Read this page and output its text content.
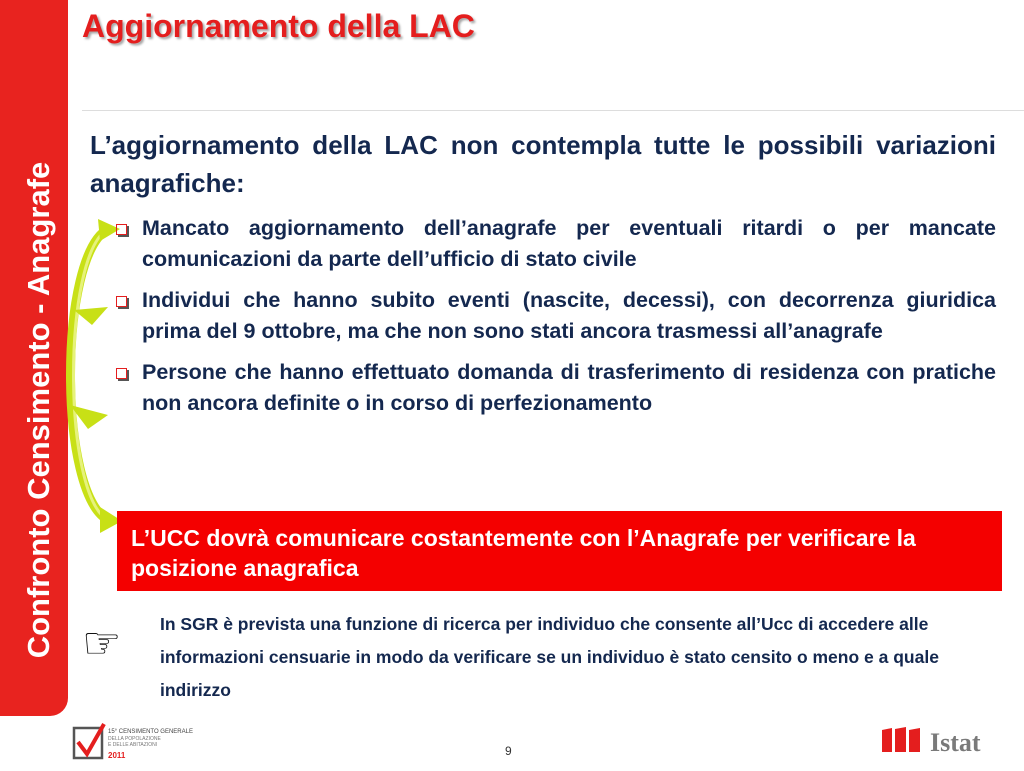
Confronto Censimento - Anagrafe
Aggiornamento della LAC
L’aggiornamento della LAC non contempla tutte le possibili variazioni anagrafiche:
Mancato aggiornamento dell’anagrafe per eventuali ritardi o per mancate comunicazioni da parte dell’ufficio di stato civile
Individui che hanno subito eventi (nascite, decessi), con decorrenza giuridica prima del 9 ottobre, ma che non sono stati ancora trasmessi all’anagrafe
Persone che hanno effettuato domanda di trasferimento di residenza con pratiche non ancora definite o in corso di perfezionamento
L’UCC dovrà comunicare costantemente con l’Anagrafe per verificare la posizione anagrafica
☞ In SGR è prevista una funzione di ricerca per individuo che consente all’Ucc di accedere alle informazioni censuarie in modo da verificare se un individuo è stato censito o meno e a quale indirizzo
15° CENSIMENTO GENERALE
DELLA POPOLAZIONE
E DELLE ABITAZIONI
2011	9	Istat
